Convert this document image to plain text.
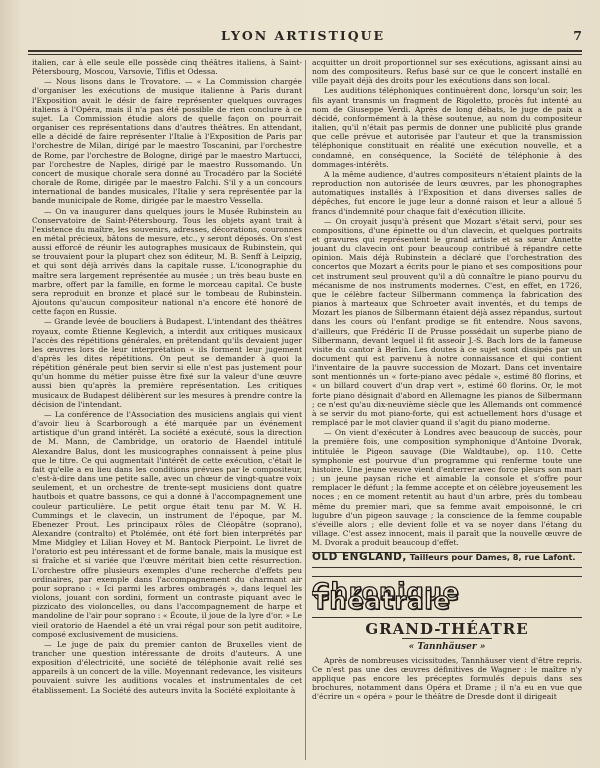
LYON ARTISTIQUE	7

italien, car à elle seule elle possède cinq théâtres italiens, à Saint-Pétersbourg, Moscou, Varsovie, Tiflis et Odessa.

— Nous lisons dans le Trovatore. — « La Commission chargée d'organiser les exécutions de musique italienne à Paris durant l'Exposition avait le désir de faire représenter quelques ouvrages italiens à l'Opéra, mais il n'a pas été possible de rien conclure à ce sujet. La Commission étudie alors de quelle façon on pourrait organiser ces représentations dans d'autres théâtres. En attendant, elle a décidé de faire représenter l'Italie à l'Exposition de Paris par l'orchestre de Milan, dirigé par le maestro Toscanini, par l'orchestre de Rome, par l'orchestre de Bologne, dirigé par le maestro Martucci, par l'orchestre de Naples, dirigé par le maestro Russomando. Un concert de musique chorale sera donné au Trocadéro par la Société chorale de Rome, dirigée par le maestro Falchi. S'il y a un concours international de bandes musicales, l'Italie y sera représentée par la bande municipale de Rome, dirigée par le maestro Vessella.

— On va inaugurer dans quelques jours le Musée Rubinstein au Conservatoire de Saint-Pétersbourg. Tous les objets ayant trait à l'existence du maître, les souvenirs, adresses, décorations, couronnes en métal précieux, bâtons de mesure, etc., y seront déposés. On s'est aussi efforcé de réunir les autographes musicaux de Rubinstein, qui se trouvaient pour la plupart chez son éditeur, M. B. Senff à Leipzig, et qui sont déjà arrivés dans la capitale russe. L'iconographie du maître sera largement représentée au musée ; un très beau buste en marbre, offert par la famille, en forme le morceau capital. Ce buste sera reproduit en bronze et placé sur le tombeau de Rubinstein. Ajoutons qu'aucun compositeur national n'a encore été honoré de cette façon en Russie.

— Grande levée de boucliers à Budapest. L'intendant des théâtres royaux, comte Étienne Keglevich, a interdit aux critiques musicaux l'accès des répétitions générales, en prétendant qu'ils devaient juger les œuvres lors de leur interprétation « ils forment leur jugement d'après les dites répétitions. On peut se demander à quoi la répétition générale peut bien servir si elle n'est pas justement pour qu'un homme du métier puisse être fixé sur la valeur d'une œuvre aussi bien qu'après la première représentation. Les critiques musicaux de Budapest délibèrent sur les mesures à prendre contre la décision de l'intendant.

— La conférence de l'Association des musiciens anglais qui vient d'avoir lieu à Scarborough a été marquée par un événement artistique d'un grand intérêt. La société a exécuté, sous la direction de M. Mann, de Cambridge, un oratorio de Haendel intitulé Alexandre Balus, dont les musicographes connaissent à peine plus que le titre. Ce qui augmentait l'intérêt de cette exécution, c'était le fait qu'elle a eu lieu dans les conditions prévues par le compositeur, c'est-à-dire dans une petite salle, avec un chœur de vingt-quatre voix seulement, et un orchestre de trente-sept musiciens dont quatre hautbois et quatre bassons, ce qui a donné à l'accompagnement une couleur particulière. Le petit orgue était tenu par M. W. H. Cummings et le clavecin, un instrument de l'époque, par M. Ebenezer Prout. Les principaux rôles de Cléopâtre (soprano), Alexandre (contralto) et Ptolémée, ont été fort bien interprétés par Mme Midgley et Lilian Hovey et M. Bantock Pierpoint. Le livret de l'oratorio est peu intéressant et de forme banale, mais la musique est si fraîche et si variée que l'œuvre méritait bien cette résurrection. L'orchestre offre plusieurs exemples d'une recherche d'effets peu ordinaires, par exemple dans l'accompagnement du charmant air pour soprano : « Ici parmi les arbres ombragés », dans lequel les violons, jouant con sordini, forment un contraste piquant avec le pizzicato des violoncelles, ou dans l'accompagnement de harpe et mandoline de l'air pour soprano : « Écoute, il joue de la lyre d'or. » Le vieil oratorio de Haendel a été un vrai régal pour son petit auditoire, composé exclusivement de musiciens.

— Le juge de paix du premier canton de Bruxelles vient de trancher une question intéressante de droits d'auteurs. A une exposition d'électricité, une société de téléphonie avait relié ses appareils à un concert de la ville. Moyennant redevance, les visiteurs pouvaient suivre les auditions vocales et instrumentales de cet établissement. La Société des auteurs invita la Société exploitante à

acquitter un droit proportionnel sur ses exécutions, agissant ainsi au nom des compositeurs. Refus basé sur ce que le concert installé en ville payait déjà des droits pour les exécutions dans son local.

Les auditions téléphoniques continuèrent donc, lorsqu'un soir, les fils ayant transmis un fragment de Rigoletto, procès fut intenté au nom de Giuseppe Verdi. Après de long débats, le juge de paix a décidé, conformément à la thèse soutenue, au nom du compositeur italien, qu'il n'était pas permis de donner une publicité plus grande que celle prévue et autorisée par l'auteur et que la transmission téléphonique constituait en réalité une exécution nouvelle, et a condamné, en conséquence, la Société de téléphonie à des dommages-intérêts.

A la même audience, d'autres compositeurs n'étaient plaints de la reproduction non autorisée de leurs œuvres, par les phonographes automatiques installés à l'Exposition et dans diverses salles de dépêches, fut encore le juge leur a donné raison et leur a alloué 5 francs d'indemnité pour chaque fait d'exécution illicite.

— On croyait jusqu'à présent que Mozart s'était servi, pour ses compositions, d'une épinette ou d'un clavecin, et quelques portraits et gravures qui représentent le grand artiste et sa sœur Annette jouant du clavecin ont pour beaucoup contribué à répandre cette opinion. Mais déjà Rubinstein a déclaré que l'orchestration des concertos que Mozart a écrits pour le piano et ses compositions pour cet instrument seul prouvent qu'il a dû connaître le piano pourvu du mécanisme de nos instruments modernes. C'est, en effet, en 1726, que le célèbre facteur Silbermann commença la fabrication des pianos à marteaux que Schroeter avait inventés, et du temps de Mozart les pianos de Silbermann étaient déjà assez répandus, surtout dans les cours où l'enfant prodige se fit entendre. Nous savons, d'ailleurs, que Frédéric II de Prusse possédait un superbe piano de Silbermann, devant lequel il fit asseoir J.-S. Bach lors de la fameuse visite du cantor à Berlin. Les doutes à ce sujet sont dissipés par un document qui est parvenu à notre connaissance et qui contient l'inventaire de la pauvre succession de Mozart. Dans cet inventaire sont mentionnés un « forte-piano avec pédale », estimé 80 florins, et « un billard couvert d'un drap vert », estimé 60 florins. Or, le mot forte piano désignait d'abord en Allemagne les pianos de Silbermann ; ce n'est qu'au dix-neuvième siècle que les Allemands ont commencé à se servir du mot piano-forte, qui est actuellement hors d'usage et remplacé par le mot clavier quand il s'agit du piano moderne.

— On vient d'exécuter à Londres avec beaucoup de succès, pour la première fois, une composition symphonique d'Antoine Dvorak, intitulée le Pigeon sauvage (Die Waldtaube), op. 110. Cette symphonie est pourvue d'un programme qui renferme toute une histoire. Une jeune veuve vient d'enterrer avec force pleurs son mari ; un jeune paysan riche et aimable la console et s'offre pour remplacer le défunt ; la femme accepte et on célèbre joyeusement les noces ; en ce moment retentit au haut d'un arbre, près du tombeau même du premier mari, que sa femme avait empoisonné, le cri lugubre d'un pigeon sauvage ; la conscience de la femme coupable s'éveille alors ; elle devient folle et va se noyer dans l'étang du village. C'est assez innocent, mais il paraît que la nouvelle œuvre de M. Dvorak a produit beaucoup d'effet.

OLD ENGLAND, Tailleurs pour Dames, 8, rue Lafont.

Chronique Théatrale
GRAND-THÉATRE
« Tannhäuser »

Après de nombreuses vicissitudes, Tannhäuser vient d'être repris. Ce n'est pas une des œuvres définitives de Wagner : le maître n'y applique pas encore les préceptes formulés depuis dans ses brochures, notamment dans Opéra et Drame ; il n'a eu en vue que d'écrire un « opéra » pour le théâtre de Dresde dont il dirigeait
